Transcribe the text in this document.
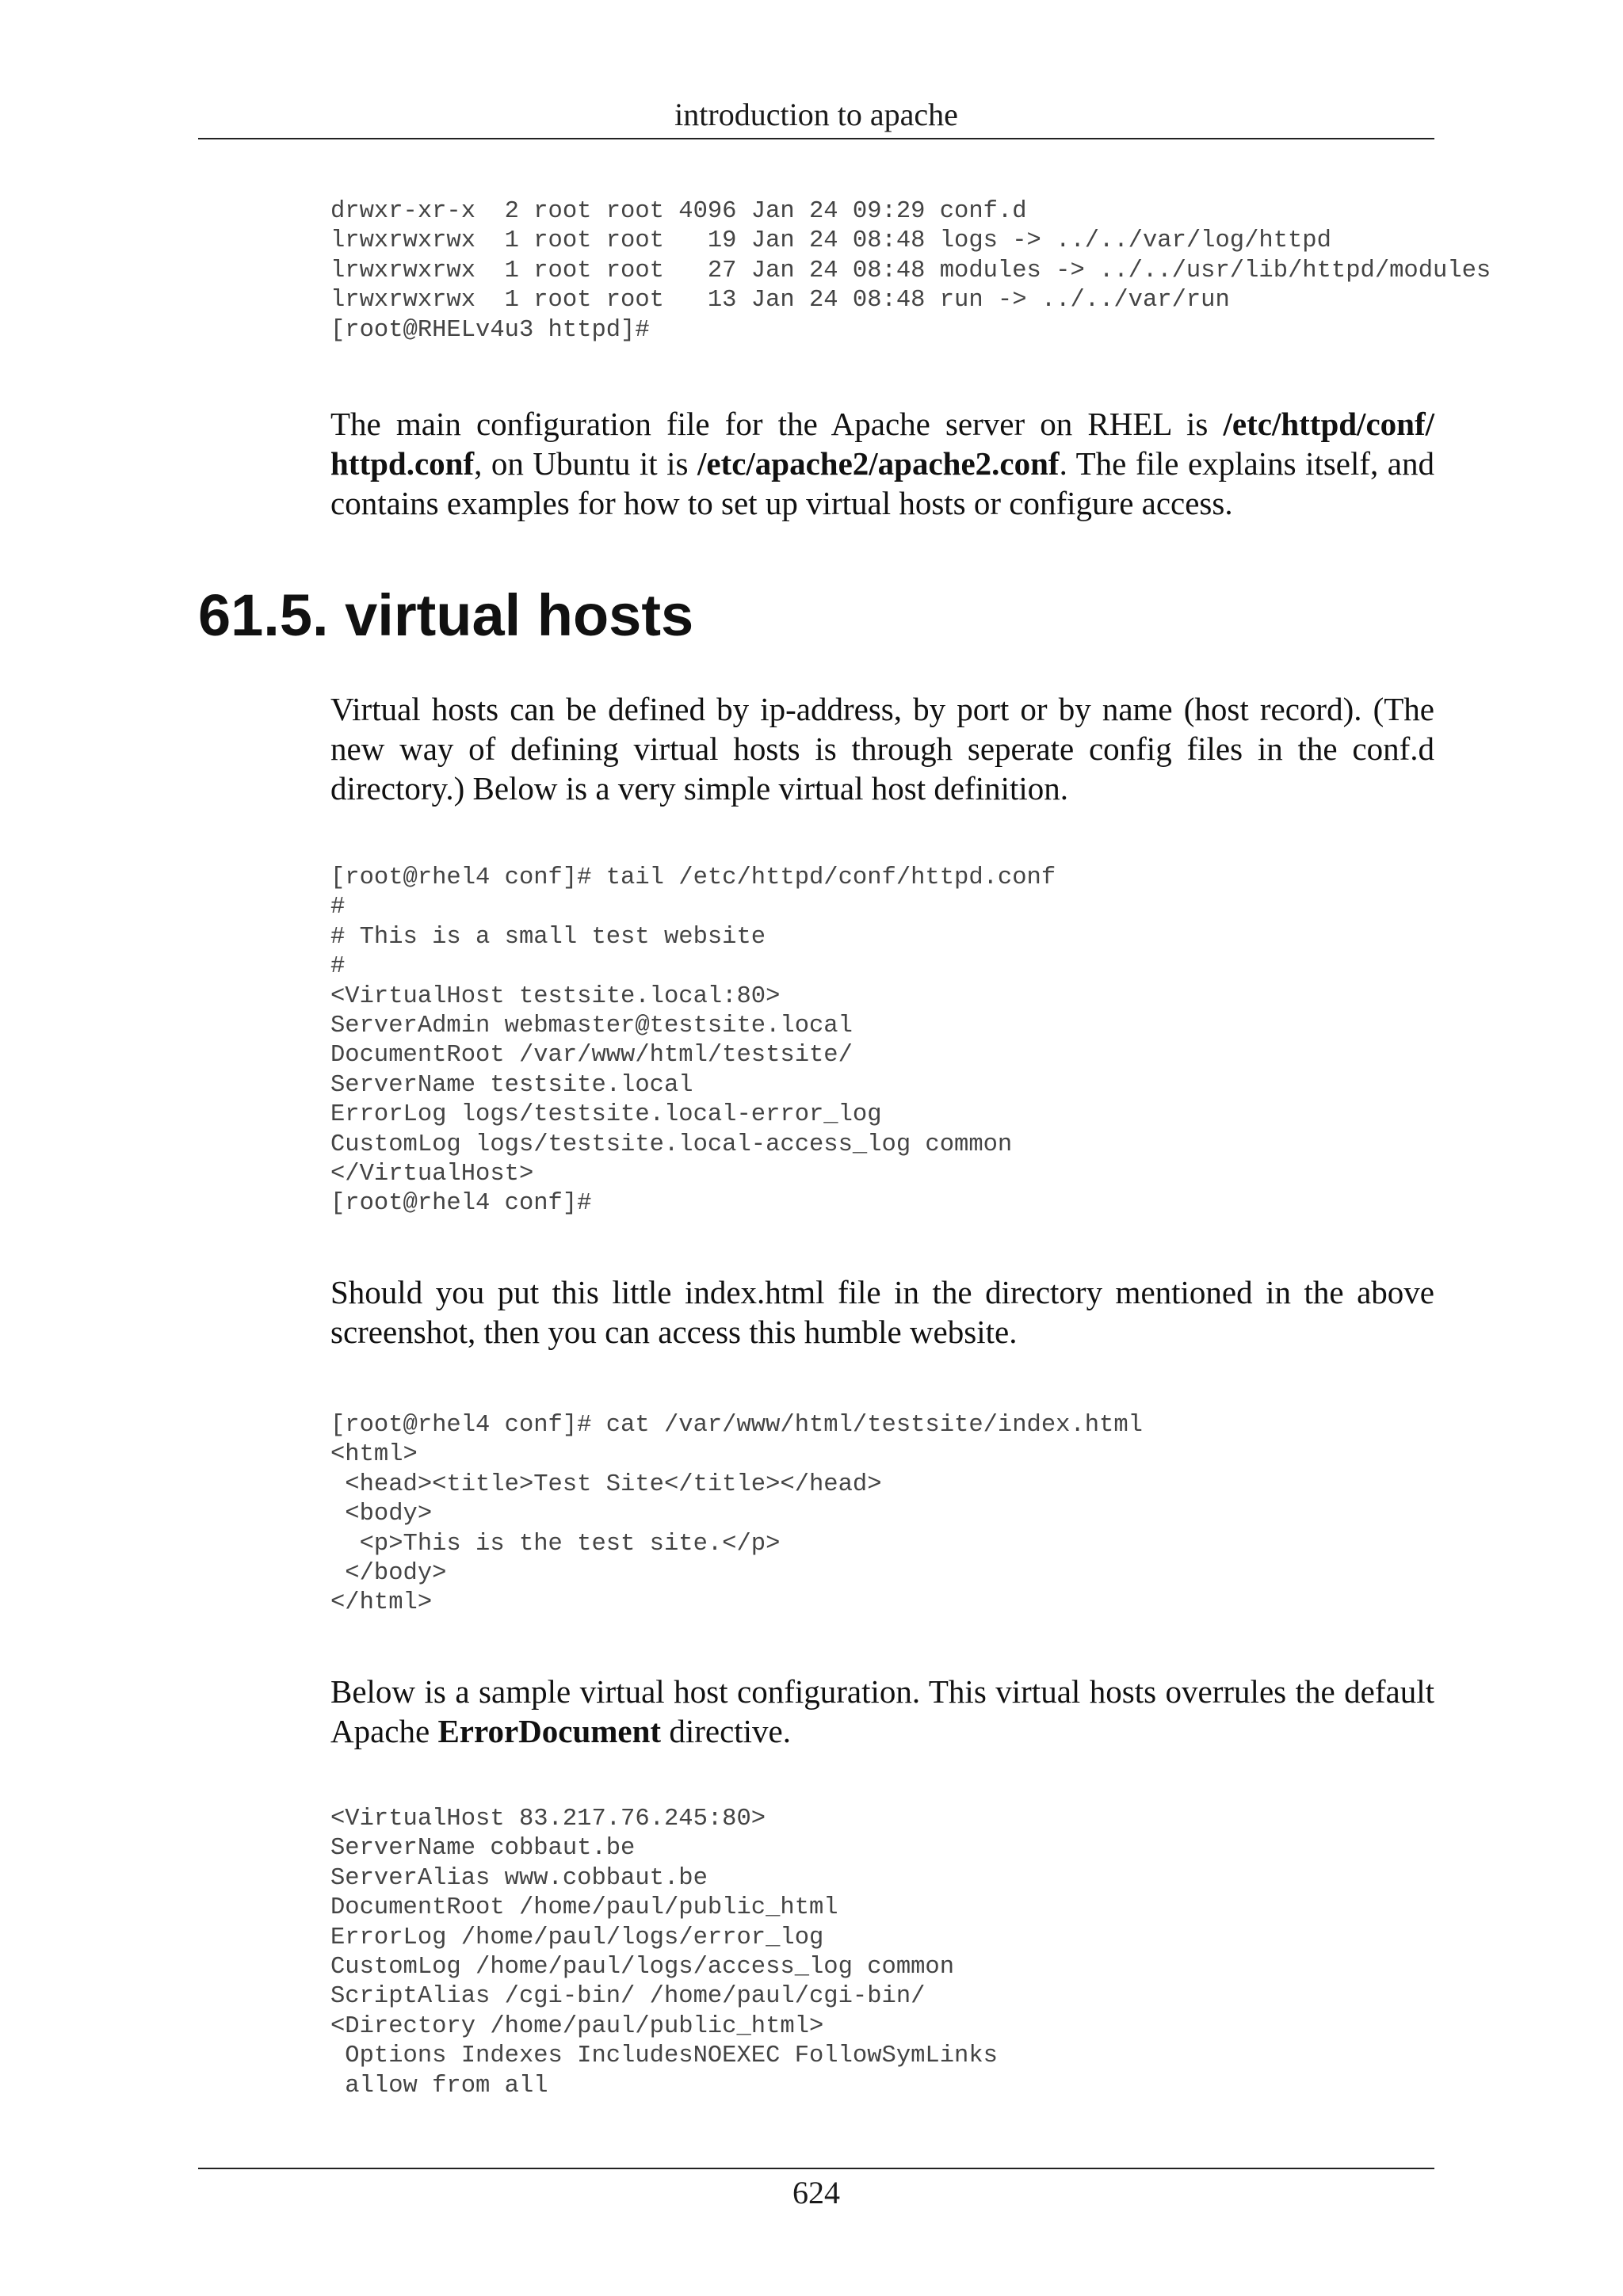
introduction to apache
drwxr-xr-x  2 root root 4096 Jan 24 09:29 conf.d
lrwxrwxrwx  1 root root   19 Jan 24 08:48 logs -> ../../var/log/httpd
lrwxrwxrwx  1 root root   27 Jan 24 08:48 modules -> ../../usr/lib/httpd/modules
lrwxrwxrwx  1 root root   13 Jan 24 08:48 run -> ../../var/run
[root@RHELv4u3 httpd]#

The main configuration file for the Apache server on RHEL is /etc/httpd/conf/ httpd.conf, on Ubuntu it is /etc/apache2/apache2.conf. The file explains itself, and contains examples for how to set up virtual hosts or configure access.

61.5. virtual hosts

Virtual hosts can be defined by ip-address, by port or by name (host record). (The new way of defining virtual hosts is through seperate config files in the conf.d directory.) Below is a very simple virtual host definition.

[root@rhel4 conf]# tail /etc/httpd/conf/httpd.conf
#
# This is a small test website
#
<VirtualHost testsite.local:80>
ServerAdmin webmaster@testsite.local
DocumentRoot /var/www/html/testsite/
ServerName testsite.local
ErrorLog logs/testsite.local-error_log
CustomLog logs/testsite.local-access_log common
</VirtualHost>
[root@rhel4 conf]#

Should you put this little index.html file in the directory mentioned in the above screenshot, then you can access this humble website.

[root@rhel4 conf]# cat /var/www/html/testsite/index.html
<html>
<head><title>Test Site</title></head>
<body>
<p>This is the test site.</p>
</body>
</html>

Below is a sample virtual host configuration. This virtual hosts overrules the default Apache ErrorDocument directive.

<VirtualHost 83.217.76.245:80>
ServerName cobbaut.be
ServerAlias www.cobbaut.be
DocumentRoot /home/paul/public_html
ErrorLog /home/paul/logs/error_log
CustomLog /home/paul/logs/access_log common
ScriptAlias /cgi-bin/ /home/paul/cgi-bin/
<Directory /home/paul/public_html>
Options Indexes IncludesNOEXEC FollowSymLinks
allow from all
624
